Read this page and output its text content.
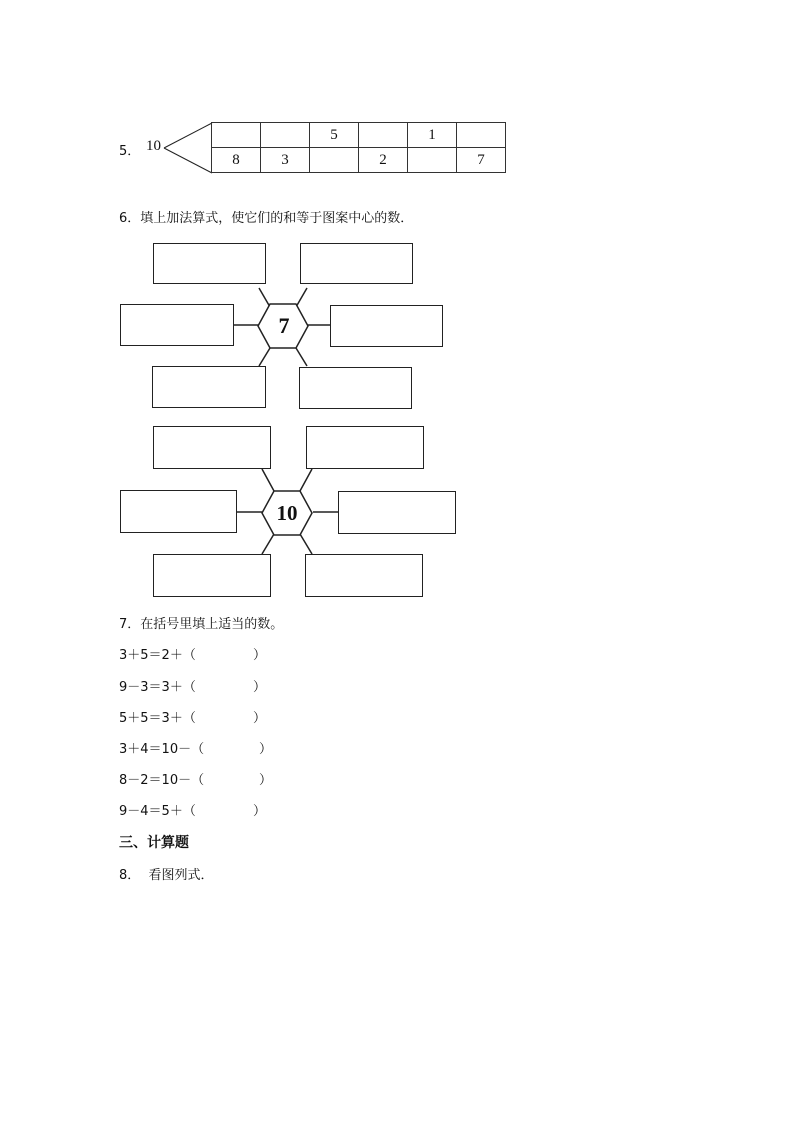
5． 10
		5		1	
8	3		2		7
6．填上加法算式，使它们的和等于图案中心的数．
7
10
7．在括号里填上适当的数。
3＋5＝2＋（	）
9－3＝3＋（	）
5＋5＝3＋（	）
3＋4＝10－（	）
8－2＝10－（	）
9－4＝5＋（	）
三、计算题
8．  看图列式．
